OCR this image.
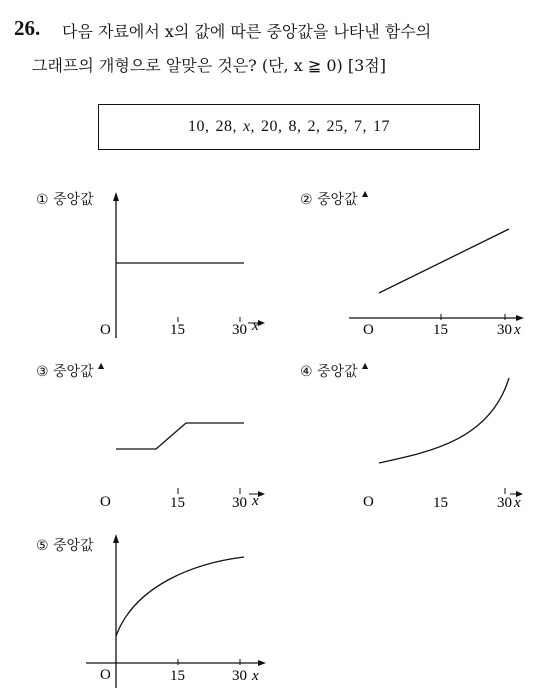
26. 다음 자료에서 x의 값에 따른 중앙값을 나타낸 함수의
그래프의 개형으로 알맞은 것은? (단, x ≧ 0) [3점]
10, 28, x, 20, 8, 2, 25, 7, 17
① 중앙값
O	15	30 x
② 중앙값 ▲
O	15	30 x
③ 중앙값 ▲
O	15	30 x
④ 중앙값 ▲
O	15	30 x
⑤ 중앙값
O	15	30 x
